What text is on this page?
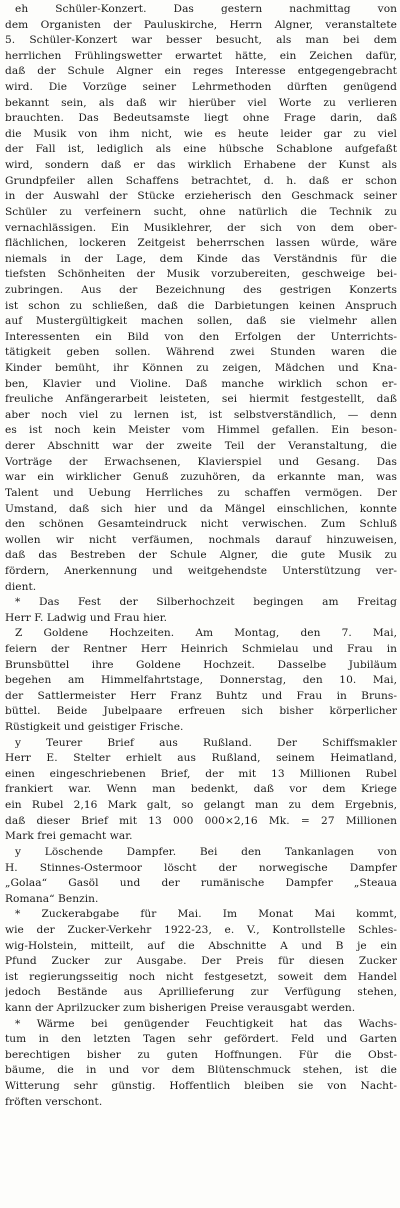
eh Schüler-Konzert. Das gestern nachmittag von
dem Organisten der Pauluskirche, Herrn Algner, veranstaltete
5. Schüler-Konzert war besser besucht, als man bei dem
herrlichen Frühlingswetter erwartet hätte, ein Zeichen dafür,
daß der Schule Algner ein reges Interesse entgegengebracht
wird. Die Vorzüge seiner Lehrmethoden dürften genügend
bekannt sein, als daß wir hierüber viel Worte zu verlieren
brauchten. Das Bedeutsamste liegt ohne Frage darin, daß
die Musik von ihm nicht, wie es heute leider gar zu viel
der Fall ist, lediglich als eine hübsche Schablone aufgefaßt
wird, sondern daß er das wirklich Erhabene der Kunst als
Grundpfeiler allen Schaffens betrachtet, d. h. daß er schon
in der Auswahl der Stücke erzieherisch den Geschmack seiner
Schüler zu verfeinern sucht, ohne natürlich die Technik zu
vernachlässigen. Ein Musiklehrer, der sich von dem ober-
flächlichen, lockeren Zeitgeist beherrschen lassen würde, wäre
niemals in der Lage, dem Kinde das Verständnis für die
tiefsten Schönheiten der Musik vorzubereiten, geschweige bei-
zubringen. Aus der Bezeichnung des gestrigen Konzerts
ist schon zu schließen, daß die Darbietungen keinen Anspruch
auf Mustergültigkeit machen sollen, daß sie vielmehr allen
Interessenten ein Bild von den Erfolgen der Unterrichts-
tätigkeit geben sollen. Während zwei Stunden waren die
Kinder bemüht, ihr Können zu zeigen, Mädchen und Kna-
ben, Klavier und Violine. Daß manche wirklich schon er-
freuliche Anfängerarbeit leisteten, sei hiermit festgestellt, daß
aber noch viel zu lernen ist, ist selbstverständlich, — denn
es ist noch kein Meister vom Himmel gefallen. Ein beson-
derer Abschnitt war der zweite Teil der Veranstaltung, die
Vorträge der Erwachsenen, Klavierspiel und Gesang. Das
war ein wirklicher Genuß zuzuhören, da erkannte man, was
Talent und Uebung Herrliches zu schaffen vermögen. Der
Umstand, daß sich hier und da Mängel einschlichen, konnte
den schönen Gesamteindruck nicht verwischen. Zum Schluß
wollen wir nicht verfäumen, nochmals darauf hinzuweisen,
daß das Bestreben der Schule Algner, die gute Musik zu
fördern, Anerkennung und weitgehendste Unterstützung ver-
dient.
* Das Fest der Silberhochzeit begingen am Freitag
Herr F. Ladwig und Frau hier.
Z Goldene Hochzeiten. Am Montag, den 7. Mai,
feiern der Rentner Herr Heinrich Schmielau und Frau in
Brunsbüttel ihre Goldene Hochzeit. Dasselbe Jubiläum
begehen am Himmelfahrtstage, Donnerstag, den 10. Mai,
der Sattlermeister Herr Franz Buhtz und Frau in Bruns-
büttel. Beide Jubelpaare erfreuen sich bisher körperlicher
Rüstigkeit und geistiger Frische.
y Teurer Brief aus Rußland. Der Schiffsmakler
Herr E. Stelter erhielt aus Rußland, seinem Heimatland,
einen eingeschriebenen Brief, der mit 13 Millionen Rubel
frankiert war. Wenn man bedenkt, daß vor dem Kriege
ein Rubel 2,16 Mark galt, so gelangt man zu dem Ergebnis,
daß dieser Brief mit 13 000 000×2,16 Mk. = 27 Millionen
Mark frei gemacht war.
y Löschende Dampfer. Bei den Tankanlagen von
H. Stinnes-Ostermoor löscht der norwegische Dampfer
„Golaa“ Gasöl und der rumänische Dampfer „Steaua
Romana“ Benzin.
* Zuckerabgabe für Mai. Im Monat Mai kommt,
wie der Zucker-Verkehr 1922-23, e. V., Kontrollstelle Schles-
wig-Holstein, mitteilt, auf die Abschnitte A und B je ein
Pfund Zucker zur Ausgabe. Der Preis für diesen Zucker
ist regierungsseitig noch nicht festgesetzt, soweit dem Handel
jedoch Bestände aus Aprillieferung zur Verfügung stehen,
kann der Aprilzucker zum bisherigen Preise verausgabt werden.
* Wärme bei genügender Feuchtigkeit hat das Wachs-
tum in den letzten Tagen sehr gefördert. Feld und Garten
berechtigen bisher zu guten Hoffnungen. Für die Obst-
bäume, die in und vor dem Blütenschmuck stehen, ist die
Witterung sehr günstig. Hoffentlich bleiben sie von Nacht-
fröften verschont.
